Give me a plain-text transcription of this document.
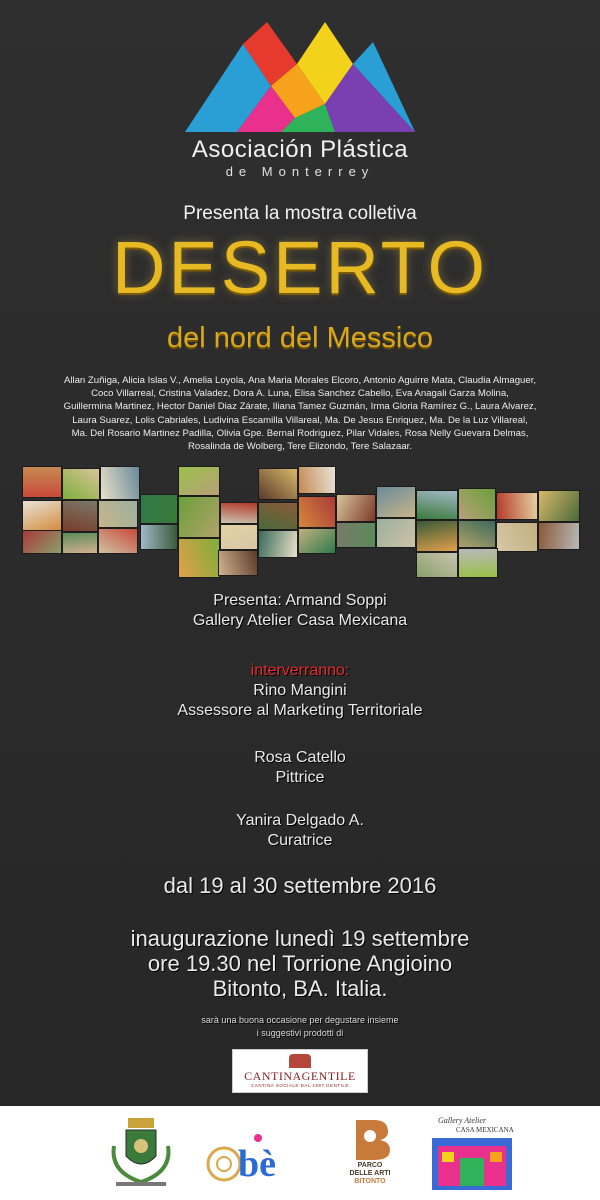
Asociación Plástica
de Monterrey
Presenta la mostra colletiva
DESERTO
del nord del Messico
Allan Zuñiga, Alicia Islas V., Amelia Loyola, Ana Maria Morales Elcoro, Antonio Aguirre Mata, Claudia Almaguer,
Coco Villarreal, Cristina Valadez, Dora A. Luna, Elisa Sanchez Cabello, Eva Anagali Garza Molina,
Guillermina Martinez, Hector Daniel Diaz Zárate, Iliana Tamez Guzmán, Irma Gloria Ramírez G., Laura Alvarez,
Laura Suarez, Lolis Cabriales, Ludivina Escamilla Villareal, Ma. De Jesus Enriquez, Ma. De la Luz Villareal,
Ma. Del Rosario Martinez Padilla, Olivia Gpe. Bernal Rodriguez, Pilar Vidales, Rosa Nelly Guevara Delmas,
Rosalinda de Wolberg, Tere Elizondo, Tere Salazaar.
Presenta: Armand Soppi
Gallery Atelier Casa Mexicana
interverranno:
Rino Mangini
Assessore al Marketing Territoriale
Rosa Catello
Pittrice
Yanira Delgado A.
Curatrice
dal 19 al 30 settembre 2016
inaugurazione lunedì 19 settembre
ore 19.30 nel Torrione Angioino
Bitonto, BA. Italia.
sarà una buona occasione per degustare insieme
i suggestivi prodotti di
CANTINAGENTILE
CANTINA SOCIALE DAL 1997 GENTILE
bè	PARCO
DELLE ARTI
BITONTO
Gallery Atelier
CASA MEXICANA
